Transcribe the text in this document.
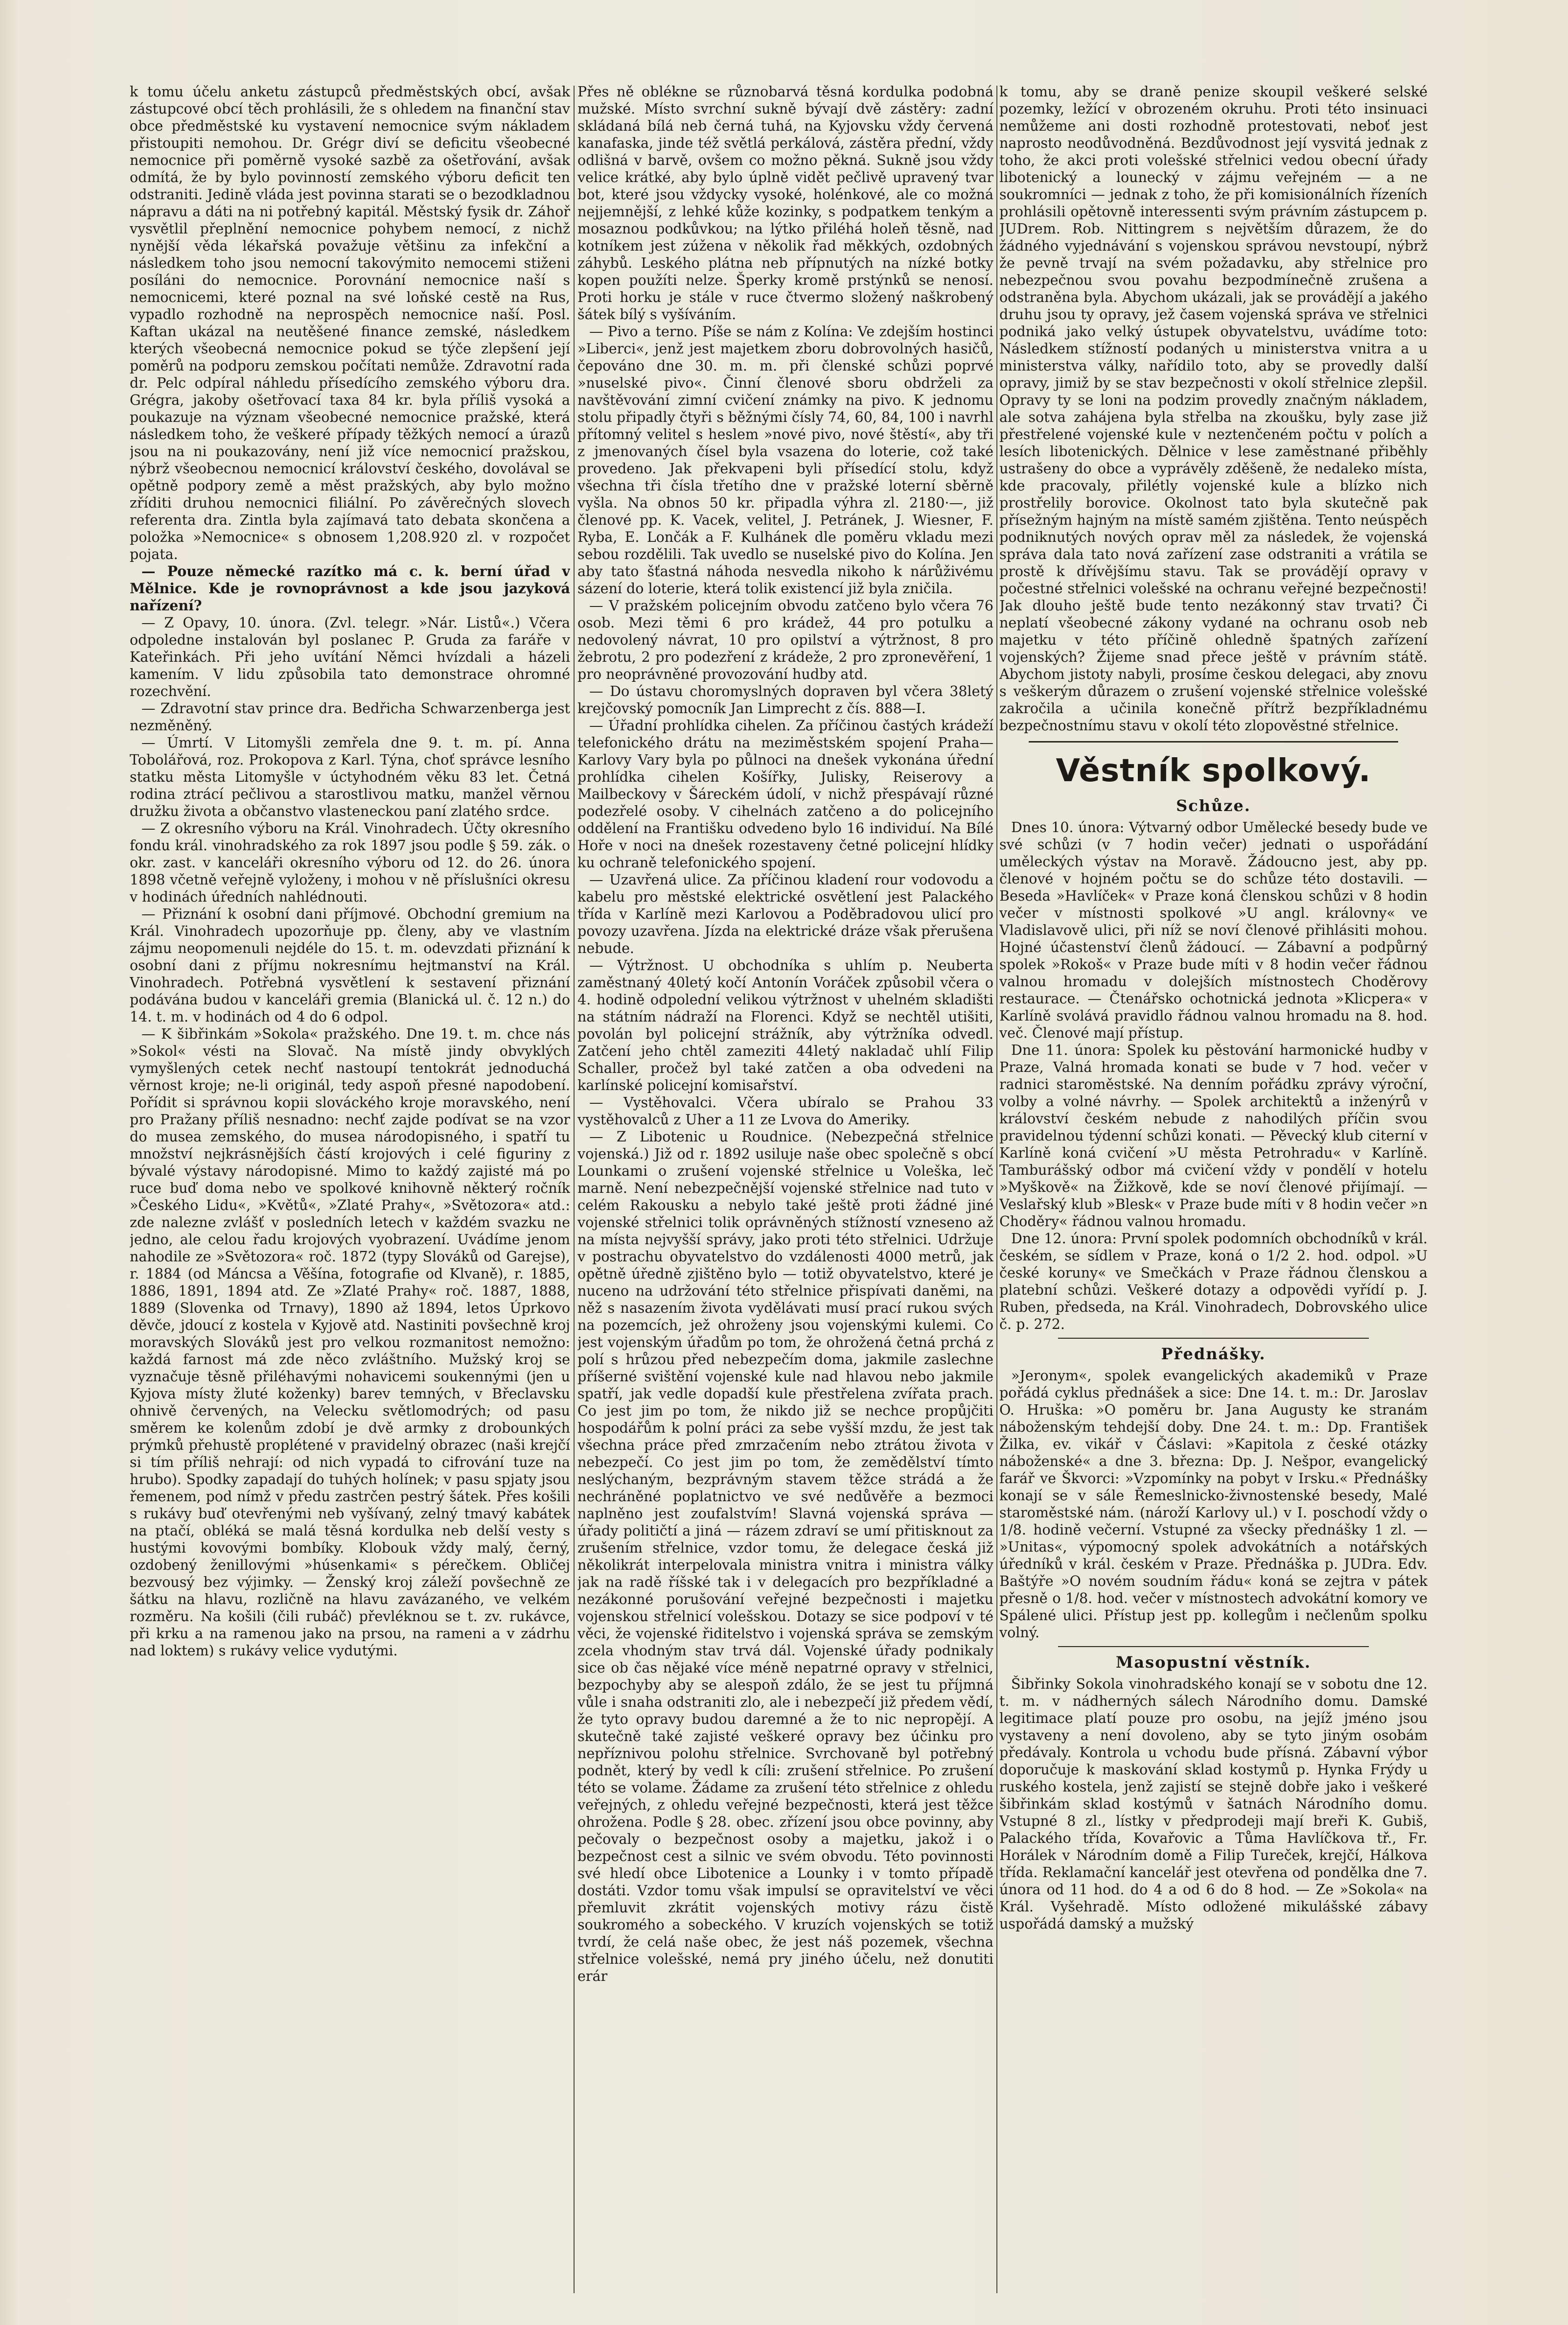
k tomu účelu anketu zástupců předměstských obcí, avšak zástupcové obcí těch prohlásili, že s ohledem na finanční stav obce předměstské ku vystavení nemocnice svým nákladem přistoupiti nemohou. Dr. Grégr diví se deficitu všeobecné nemocnice při poměrně vysoké sazbě za ošetřování, avšak odmítá, že by bylo povinností zemského výboru deficit ten odstraniti. Jedině vláda jest povinna starati se o bezodkladnou nápravu a dáti na ni potřebný kapitál. Městský fysik dr. Záhoř vysvětlil přeplnění nemocnice pohybem nemocí, z nichž nynější věda lékařská považuje většinu za infekční a následkem toho jsou nemocní takovýmito nemocemi stiženi posíláni do nemocnice. Porovnání nemocnice naší s nemocnicemi, které poznal na své loňské cestě na Rus, vypadlo rozhodně na neprospěch nemocnice naší. Posl. Kaftan ukázal na neutěšené finance zemské, následkem kterých všeobecná nemocnice pokud se týče zlepšení její poměrů na podporu zemskou počítati nemůže. Zdravotní rada dr. Pelc odpíral náhledu přísedícího zemského výboru dra. Grégra, jakoby ošetřovací taxa 84 kr. byla příliš vysoká a poukazuje na význam všeobecné nemocnice pražské, která následkem toho, že veškeré případy těžkých nemocí a úrazů jsou na ni poukazovány, není již více nemocnicí pražskou, nýbrž všeobecnou nemocnicí království českého, dovolával se opětně podpory země a měst pražských, aby bylo možno zříditi druhou nemocnici filiální. Po závěrečných slovech referenta dra. Zintla byla zajímavá tato debata skončena a položka »Nemocnice« s obnosem 1,208.920 zl. v rozpočet pojata.

— Pouze německé razítko má c. k. berní úřad v Mělnice. Kde je rovnoprávnost a kde jsou jazyková nařízení?

— Z Opavy, 10. února. (Zvl. telegr. »Nár. Listů«.) Včera odpoledne instalován byl poslanec P. Gruda za faráře v Kateřinkách. Při jeho uvítání Němci hvízdali a házeli kamením. V lidu způsobila tato demonstrace ohromné rozechvění.

— Zdravotní stav prince dra. Bedřicha Schwarzenberga jest nezměněný.

— Úmrtí. V Litomyšli zemřela dne 9. t. m. pí. Anna Tobolářová, roz. Prokopova z Karl. Týna, choť správce lesního statku města Litomyšle v úctyhodném věku 83 let. Četná rodina ztrácí pečlivou a starostlivou matku, manžel věrnou družku života a občanstvo vlasteneckou paní zlatého srdce.

— Z okresního výboru na Král. Vinohradech. Účty okresního fondu král. vinohradského za rok 1897 jsou podle § 59. zák. o okr. zast. v kanceláři okresního výboru od 12. do 26. února 1898 včetně veřejně vyloženy, i mohou v ně příslušníci okresu v hodinách úředních nahlédnouti.

— Přiznání k osobní dani příjmové. Obchodní gremium na Král. Vinohradech upozorňuje pp. členy, aby ve vlastním zájmu neopomenuli nejdéle do 15. t. m. odevzdati přiznání k osobní dani z příjmu nokresnímu hejtmanství na Král. Vinohradech. Potřebná vysvětlení k sestavení přiznání podávána budou v kanceláři gremia (Blanická ul. č. 12 n.) do 14. t. m. v hodinách od 4 do 6 odpol.

— K šibřinkám »Sokola« pražského. Dne 19. t. m. chce nás »Sokol« vésti na Slovač. Na místě jindy obvyklých vymyšlených cetek nechť nastoupí tentokrát jednoduchá věrnost kroje; ne-li originál, tedy aspoň přesné napodobení. Pořídit si správnou kopii slováckého kroje moravského, není pro Pražany příliš nesnadno: nechť zajde podívat se na vzor do musea zemského, do musea národopisného, i spatří tu množství nejkrásnějších částí krojových i celé figuriny z bývalé výstavy národopisné. Mimo to každý zajisté má po ruce buď doma nebo ve spolkové knihovně některý ročník »Českého Lidu«, »Květů«, »Zlaté Prahy«, »Světozora« atd.: zde nalezne zvlášť v posledních letech v každém svazku ne jedno, ale celou řadu krojových vyobrazení. Uvádíme jenom nahodile ze »Světozora« roč. 1872 (typy Slováků od Garejse), r. 1884 (od Máncsa a Věšína, fotografie od Klvaně), r. 1885, 1886, 1891, 1894 atd. Ze »Zlaté Prahy« roč. 1887, 1888, 1889 (Slovenka od Trnavy), 1890 až 1894, letos Úprkovo děvče, jdoucí z kostela v Kyjově atd. Nastiniti povšechně kroj moravských Slováků jest pro velkou rozmanitost nemožno: každá farnost má zde něco zvláštního. Mužský kroj se vyznačuje těsně přiléhavými nohavicemi soukennými (jen u Kyjova místy žluté koženky) barev temných, v Břeclavsku ohnivě červených, na Velecku světlomodrých; od pasu směrem ke kolenům zdobí je dvě armky z drobounkých prýmků přehustě proplétené v pravidelný obrazec (naši krejčí si tím příliš nehrají: od nich vypadá to cifrování tuze na hrubo). Spodky zapadají do tuhých holínek; v pasu spjaty jsou řemenem, pod nímž v předu zastrčen pestrý šátek. Přes košili s rukávy buď otevřenými neb vyšívaný, zelný tmavý kabátek na ptačí, obléká se malá těsná kordulka neb delší vesty s hustými kovovými bombíky. Klobouk vždy malý, černý, ozdobený ženillovými »húsenkami« s pérečkem. Obličej bezvousý bez výjimky. — Ženský kroj záleží povšechně ze šátku na hlavu, rozličně na hlavu zavázaného, ve velkém rozměru. Na košili (čili rubáč) převléknou se t. zv. rukávce, při krku a na ramenou jako na prsou, na rameni a v zádrhu nad loktem) s rukávy velice vydutými.

Přes ně oblékne se různobarvá těsná kordulka podobná mužské. Místo svrchní sukně bývají dvě zástěry: zadní skládaná bílá neb černá tuhá, na Kyjovsku vždy červená kanafaska, jinde též světlá perkálová, zástěra přední, vždy odlišná v barvě, ovšem co možno pěkná. Sukně jsou vždy velice krátké, aby bylo úplně vidět pečlivě upravený tvar bot, které jsou vždycky vysoké, holénkové, ale co možná nejjemnější, z lehké kůže kozinky, s podpatkem tenkým a mosaznou podkůvkou; na lýtko přiléhá holeň těsně, nad kotníkem jest zúžena v několik řad měkkých, ozdobných záhybů. Leského plátna neb přípnutých na nízké botky kopen použíti nelze. Šperky kromě prstýnků se nenosí. Proti horku je stále v ruce čtvermo složený naškrobený šátek bílý s vyšíváním.

— Pivo a terno. Píše se nám z Kolína: Ve zdejším hostinci »Liberci«, jenž jest majetkem zboru dobrovolných hasičů, čepováno dne 30. m. m. při členské schůzi poprvé »nuselské pivo«. Činní členové sboru obdrželi za navštěvování zimní cvičení známky na pivo. K jednomu stolu připadly čtyři s běžnými čísly 74, 60, 84, 100 i navrhl přítomný velitel s heslem »nové pivo, nové štěstí«, aby tři z jmenovaných čísel byla vsazena do loterie, což také provedeno. Jak překvapeni byli přísedící stolu, když všechna tři čísla třetího dne v pražské loterní sběrně vyšla. Na obnos 50 kr. připadla výhra zl. 2180·—, již členové pp. K. Vacek, velitel, J. Petránek, J. Wiesner, F. Ryba, E. Lončák a F. Kulhánek dle poměru vkladu mezi sebou rozdělili. Tak uvedlo se nuselské pivo do Kolína. Jen aby tato šťastná náhoda nesvedla nikoho k nárůživému sázení do loterie, která tolik existencí již byla zničila.

— V pražském policejním obvodu zatčeno bylo včera 76 osob. Mezi těmi 6 pro krádež, 44 pro potulku a nedovolený návrat, 10 pro opilství a výtržnost, 8 pro žebrotu, 2 pro podezření z krádeže, 2 pro zpronevěření, 1 pro neoprávněné provozování hudby atd.

— Do ústavu choromyslných dopraven byl včera 38letý krejčovský pomocník Jan Limprecht z čís. 888—I.

— Úřadní prohlídka cihelen. Za příčinou častých krádeží telefonického drátu na meziměstském spojení Praha—Karlovy Vary byla po půlnoci na dnešek vykonána úřední prohlídka cihelen Košířky, Julisky, Reiserovy a Mailbeckovy v Šáreckém údolí, v nichž přespávají různé podezřelé osoby. V cihelnách zatčeno a do policejního oddělení na Františku odvedeno bylo 16 individuí. Na Bílé Hoře v noci na dnešek rozestaveny četné policejní hlídky ku ochraně telefonického spojení.

— Uzavřená ulice. Za příčinou kladení rour vodovodu a kabelu pro městské elektrické osvětlení jest Palackého třída v Karlíně mezi Karlovou a Poděbradovou ulicí pro povozy uzavřena. Jízda na elektrické dráze však přerušena nebude.

— Výtržnost. U obchodníka s uhlím p. Neuberta zaměstnaný 40letý kočí Antonín Voráček způsobil včera o 4. hodině odpolední velikou výtržnost v uhelném skladišti na státním nádraží na Florenci. Když se nechtěl utišiti, povolán byl policejní strážník, aby výtržníka odvedl. Zatčení jeho chtěl zameziti 44letý nakladač uhlí Filip Schaller, pročež byl také zatčen a oba odvedeni na karlínské policejní komisařství.

— Vystěhovalci. Včera ubíralo se Prahou 33 vystěhovalců z Uher a 11 ze Lvova do Ameriky.

— Z Libotenic u Roudnice. (Nebezpečná střelnice vojenská.) Již od r. 1892 usiluje naše obec společně s obcí Lounkami o zrušení vojenské střelnice u Voleška, leč marně. Není nebezpečnější vojenské střelnice nad tuto v celém Rakousku a nebylo také ještě proti žádné jiné vojenské střelnici tolik oprávněných stížností vzneseno až na místa nejvyšší správy, jako proti této střelnici. Udržuje v postrachu obyvatelstvo do vzdálenosti 4000 metrů, jak opětně úředně zjištěno bylo — totiž obyvatelstvo, které je nuceno na udržování této střelnice přispívati daněmi, na něž s nasazením života vydělávati musí prací rukou svých na pozemcích, jež ohroženy jsou vojenskými kulemi. Co jest vojenským úřadům po tom, že ohrožená četná prchá z polí s hrůzou před nebezpečím doma, jakmile zaslechne příšerné svištění vojenské kule nad hlavou nebo jakmile spatří, jak vedle dopadší kule přestřelena zvířata prach. Co jest jim po tom, že nikdo již se nechce propůjčiti hospodářům k polní práci za sebe vyšší mzdu, že jest tak všechna práce před zmrzačením nebo ztrátou života v nebezpečí. Co jest jim po tom, že zemědělství tímto neslýchaným, bezprávným stavem těžce strádá a že nechráněné poplatnictvo ve své nedůvěře a bezmoci naplněno jest zoufalstvím! Slavná vojenská správa — úřady političtí a jiná — rázem zdraví se umí přitisknout za zrušením střelnice, vzdor tomu, že delegace česká již několikrát interpelovala ministra vnitra i ministra války jak na radě říšské tak i v delegacích pro bezpříkladné a nezákonné porušování veřejné bezpečnosti i majetku vojenskou střelnicí volešskou. Dotazy se sice podpoví v té věci, že vojenské řiditelstvo i vojenská správa se zemským zcela vhodným stav trvá dál. Vojenské úřady podnikaly sice ob čas nějaké více méně nepatrné opravy v střelnici, bezpochyby aby se alespoň zdálo, že se jest tu příjmná vůle i snaha odstraniti zlo, ale i nebezpečí již předem vědí, že tyto opravy budou daremné a že to nic nepropějí. A skutečně také zajisté veškeré opravy bez účinku pro nepříznivou polohu střelnice. Svrchovaně byl potřebný podnět, který by vedl k cíli: zrušení střelnice. Po zrušení této se volame. Žádame za zrušení této střelnice z ohledu veřejných, z ohledu veřejné bezpečnosti, která jest těžce ohrožena. Podle § 28. obec. zřízení jsou obce povinny, aby pečovaly o bezpečnost osoby a majetku, jakož i o bezpečnost cest a silnic ve svém obvodu. Této povinnosti své hledí obce Libotenice a Lounky i v tomto případě dostáti. Vzdor tomu však impulsí se opravitelství ve věci přemluvit zkrátit vojenských motivy rázu čistě soukromého a sobeckého. V kruzích vojenských se totiž tvrdí, že celá naše obec, že jest náš pozemek, všechna střelnice volešské, nemá pry jiného účelu, než donutiti erár

k tomu, aby se draně penize skoupil veškeré selské pozemky, ležící v obrozeném okruhu. Proti této insinuaci nemůžeme ani dosti rozhodně protestovati, neboť jest naprosto neodůvodněná. Bezdůvodnost její vysvitá jednak z toho, že akci proti volešské střelnici vedou obecní úřady libotenický a lounecký v zájmu veřejném — a ne soukromníci — jednak z toho, že při komisionálních řízeních prohlásili opětovně interessenti svým právním zástupcem p. JUDrem. Rob. Nittingrem s největším důrazem, že do žádného vyjednávání s vojenskou správou nevstoupí, nýbrž že pevně trvají na svém požadavku, aby střelnice pro nebezpečnou svou povahu bezpodmínečně zrušena a odstraněna byla. Abychom ukázali, jak se provádějí a jakého druhu jsou ty opravy, jež časem vojenská správa ve střelnici podniká jako velký ústupek obyvatelstvu, uvádíme toto: Následkem stížností podaných u ministerstva vnitra a u ministerstva války, nařídilo toto, aby se provedly další opravy, jimiž by se stav bezpečnosti v okolí střelnice zlepšil. Opravy ty se loni na podzim provedly značným nákladem, ale sotva zahájena byla střelba na zkoušku, byly zase již přestřelené vojenské kule v neztenčeném počtu v polích a lesích libotenických. Dělnice v lese zaměstnané přiběhly ustrašeny do obce a vyprávěly zděšeně, že nedaleko místa, kde pracovaly, přilétly vojenské kule a blízko nich prostřelily borovice. Okolnost tato byla skutečně pak přísežným hajným na místě samém zjištěna. Tento neúspěch podniknutých nových oprav měl za následek, že vojenská správa dala tato nová zařízení zase odstraniti a vrátila se prostě k dřívějšímu stavu. Tak se provádějí opravy v počestné střelnici volešské na ochranu veřejné bezpečnosti! Jak dlouho ještě bude tento nezákonný stav trvati? Či neplatí všeobecné zákony vydané na ochranu osob neb majetku v této příčině ohledně špatných zařízení vojenských? Žijeme snad přece ještě v právním státě. Abychom jistoty nabyli, prosíme českou delegaci, aby znovu s veškerým důrazem o zrušení vojenské střelnice volešské zakročila a učinila konečně přítrž bezpříkladnému bezpečnostnímu stavu v okolí této zlopověstné střelnice.

Věstník spolkový.
Schůze.

Dnes 10. února: Výtvarný odbor Umělecké besedy bude ve své schůzi (v 7 hodin večer) jednati o uspořádání uměleckých výstav na Moravě. Žádoucno jest, aby pp. členové v hojném počtu se do schůze této dostavili. — Beseda »Havlíček« v Praze koná členskou schůzi v 8 hodin večer v místnosti spolkové »U angl. královny« ve Vladislavově ulici, při níž se noví členové přihlásiti mohou. Hojné účastenství členů žádoucí. — Zábavní a podpůrný spolek »Rokoš« v Praze bude míti v 8 hodin večer řádnou valnou hromadu v dolejších místnostech Choděrovy restaurace. — Čtenářsko ochotnická jednota »Klicpera« v Karlíně svolává pravidlo řádnou valnou hromadu na 8. hod. več. Členové mají přístup.

Dne 11. února: Spolek ku pěstování harmonické hudby v Praze, Valná hromada konati se bude v 7 hod. večer v radnici staroměstské. Na denním pořádku zprávy výroční, volby a volné návrhy. — Spolek architektů a inženýrů v království českém nebude z nahodilých příčin svou pravidelnou týdenní schůzi konati. — Pěvecký klub citerní v Karlíně koná cvičení »U města Petrohradu« v Karlíně. Tamburášský odbor má cvičení vždy v pondělí v hotelu »Myškově« na Žižkově, kde se noví členové přijímají. — Veslařský klub »Blesk« v Praze bude míti v 8 hodin večer »n Choděry« řádnou valnou hromadu.

Dne 12. února: První spolek podomních obchodníků v král. českém, se sídlem v Praze, koná o 1/2 2. hod. odpol. »U české koruny« ve Smečkách v Praze řádnou členskou a platební schůzi. Veškeré dotazy a odpovědi vyřídí p. J. Ruben, předseda, na Král. Vinohradech, Dobrovského ulice č. p. 272.

Přednášky.

»Jeronym«, spolek evangelických akademiků v Praze pořádá cyklus přednášek a sice: Dne 14. t. m.: Dr. Jaroslav O. Hruška: »O poměru br. Jana Augusty ke stranám náboženským tehdejší doby. Dne 24. t. m.: Dp. František Žilka, ev. vikář v Čáslavi: »Kapitola z české otázky náboženské« a dne 3. března: Dp. J. Nešpor, evangelický farář ve Škvorci: »Vzpomínky na pobyt v Irsku.« Přednášky konají se v sále Řemeslnicko-živnostenské besedy, Malé staroměstské nám. (nároží Karlovy ul.) v I. poschodí vždy o 1/8. hodině večerní. Vstupné za všecky přednášky 1 zl. — »Unitas«, výpomocný spolek advokátních a notářských úředníků v král. českém v Praze. Přednáška p. JUDra. Edv. Baštýře »O novém soudním řádu« koná se zejtra v pátek přesně o 1/8. hod. večer v místnostech advokátní komory ve Spálené ulici. Přístup jest pp. kollegům i nečlenům spolku volný.

Masopustní věstník.

Šibřinky Sokola vinohradského konají se v sobotu dne 12. t. m. v nádherných sálech Národního domu. Damské legitimace platí pouze pro osobu, na jejíž jméno jsou vystaveny a není dovoleno, aby se tyto jiným osobám předávaly. Kontrola u vchodu bude přísná. Zábavní výbor doporučuje k maskování sklad kostymů p. Hynka Frýdy u ruského kostela, jenž zajistí se stejně dobře jako i veškeré šibřinkám sklad kostýmů v šatnách Národního domu. Vstupné 8 zl., lístky v předprodeji mají breři K. Gubiš, Palackého třída, Kovařovic a Tůma Havlíčkova tř., Fr. Horálek v Národním domě a Filip Tureček, krejčí, Hálkova třída. Reklamační kancelář jest otevřena od pondělka dne 7. února od 11 hod. do 4 a od 6 do 8 hod. — Ze »Sokola« na Král. Vyšehradě. Místo odložené mikulášské zábavy uspořádá damský a mužský
